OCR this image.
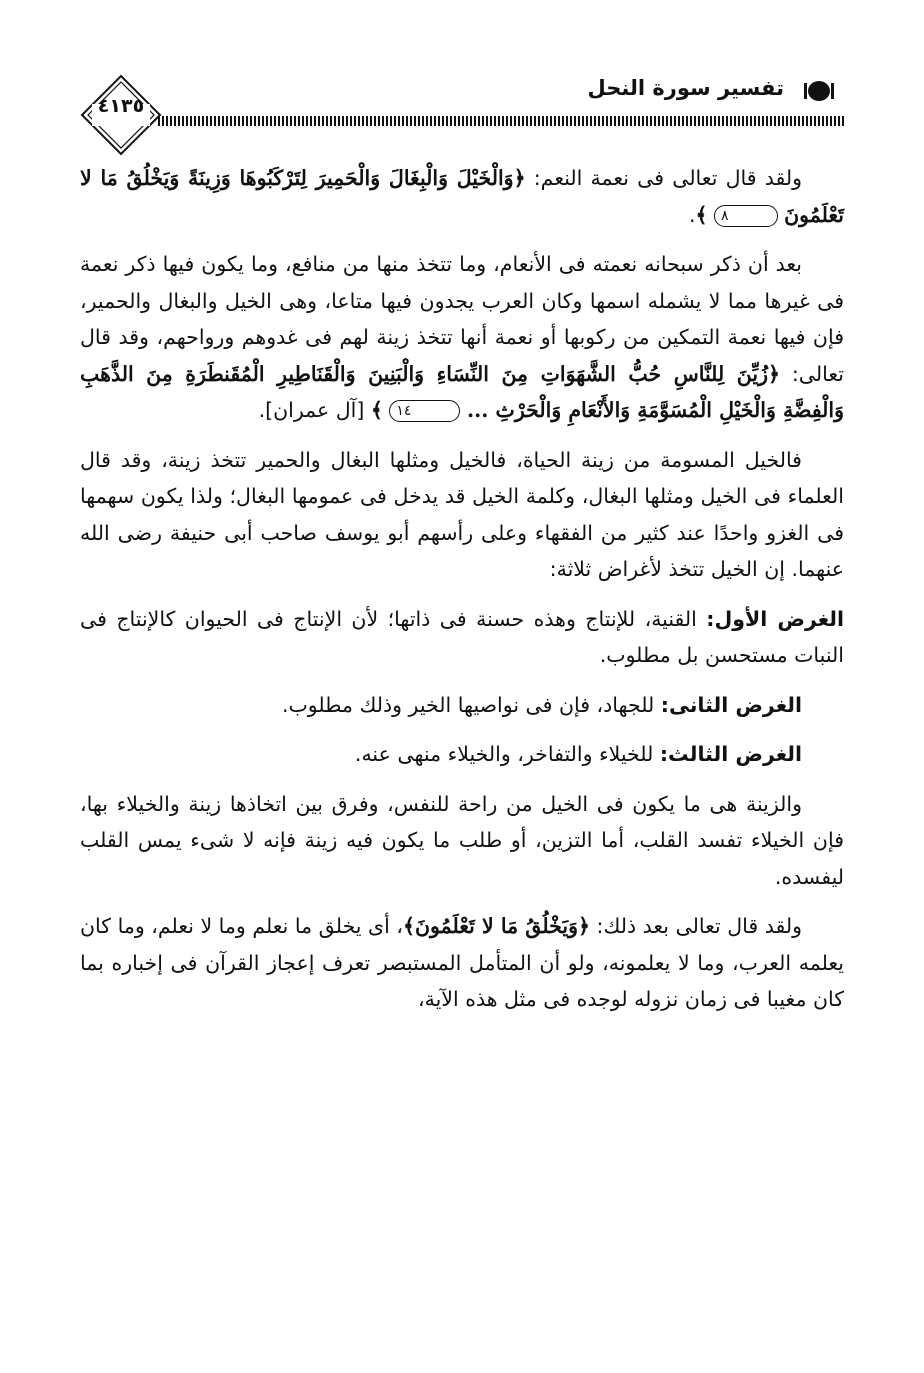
٤١٣٥
تفسير سورة النحل

ولقد قال تعالى فى نعمة النعم: ﴿وَالْخَيْلَ وَالْبِغَالَ وَالْحَمِيرَ لِتَرْكَبُوهَا وَزِينَةً وَيَخْلُقُ مَا لا تَعْلَمُونَ ٨ ﴾.

بعد أن ذكر سبحانه نعمته فى الأنعام، وما تتخذ منها من منافع، وما يكون فيها ذكر نعمة فى غيرها مما لا يشمله اسمها وكان العرب يجدون فيها متاعا، وهى الخيل والبغال والحمير، فإن فيها نعمة التمكين من ركوبها أو نعمة أنها تتخذ زينة لهم فى غدوهم ورواحهم، وقد قال تعالى: ﴿زُيِّنَ لِلنَّاسِ حُبُّ الشَّهَوَاتِ مِنَ النِّسَاءِ وَالْبَنِينَ وَالْقَنَاطِيرِ الْمُقَنطَرَةِ مِنَ الذَّهَبِ وَالْفِضَّةِ وَالْخَيْلِ الْمُسَوَّمَةِ وَالأَنْعَامِ وَالْحَرْثِ ... ١٤ ﴾ [آل عمران].

فالخيل المسومة من زينة الحياة، فالخيل ومثلها البغال والحمير تتخذ زينة، وقد قال العلماء فى الخيل ومثلها البغال، وكلمة الخيل قد يدخل فى عمومها البغال؛ ولذا يكون سهمها فى الغزو واحدًا عند كثير من الفقهاء وعلى رأسهم أبو يوسف صاحب أبى حنيفة رضى الله عنهما. إن الخيل تتخذ لأغراض ثلاثة:

الغرض الأول: القنية، للإنتاج وهذه حسنة فى ذاتها؛ لأن الإنتاج فى الحيوان كالإنتاج فى النبات مستحسن بل مطلوب.

الغرض الثانى: للجهاد، فإن فى نواصيها الخير وذلك مطلوب.

الغرض الثالث: للخيلاء والتفاخر، والخيلاء منهى عنه.

والزينة هى ما يكون فى الخيل من راحة للنفس، وفرق بين اتخاذها زينة والخيلاء بها، فإن الخيلاء تفسد القلب، أما التزين، أو طلب ما يكون فيه زينة فإنه لا شىء يمس القلب ليفسده.

ولقد قال تعالى بعد ذلك: ﴿وَيَخْلُقُ مَا لا تَعْلَمُونَ﴾، أى يخلق ما نعلم وما لا نعلم، وما كان يعلمه العرب، وما لا يعلمونه، ولو أن المتأمل المستبصر تعرف إعجاز القرآن فى إخباره بما كان مغيبا فى زمان نزوله لوجده فى مثل هذه الآية،
